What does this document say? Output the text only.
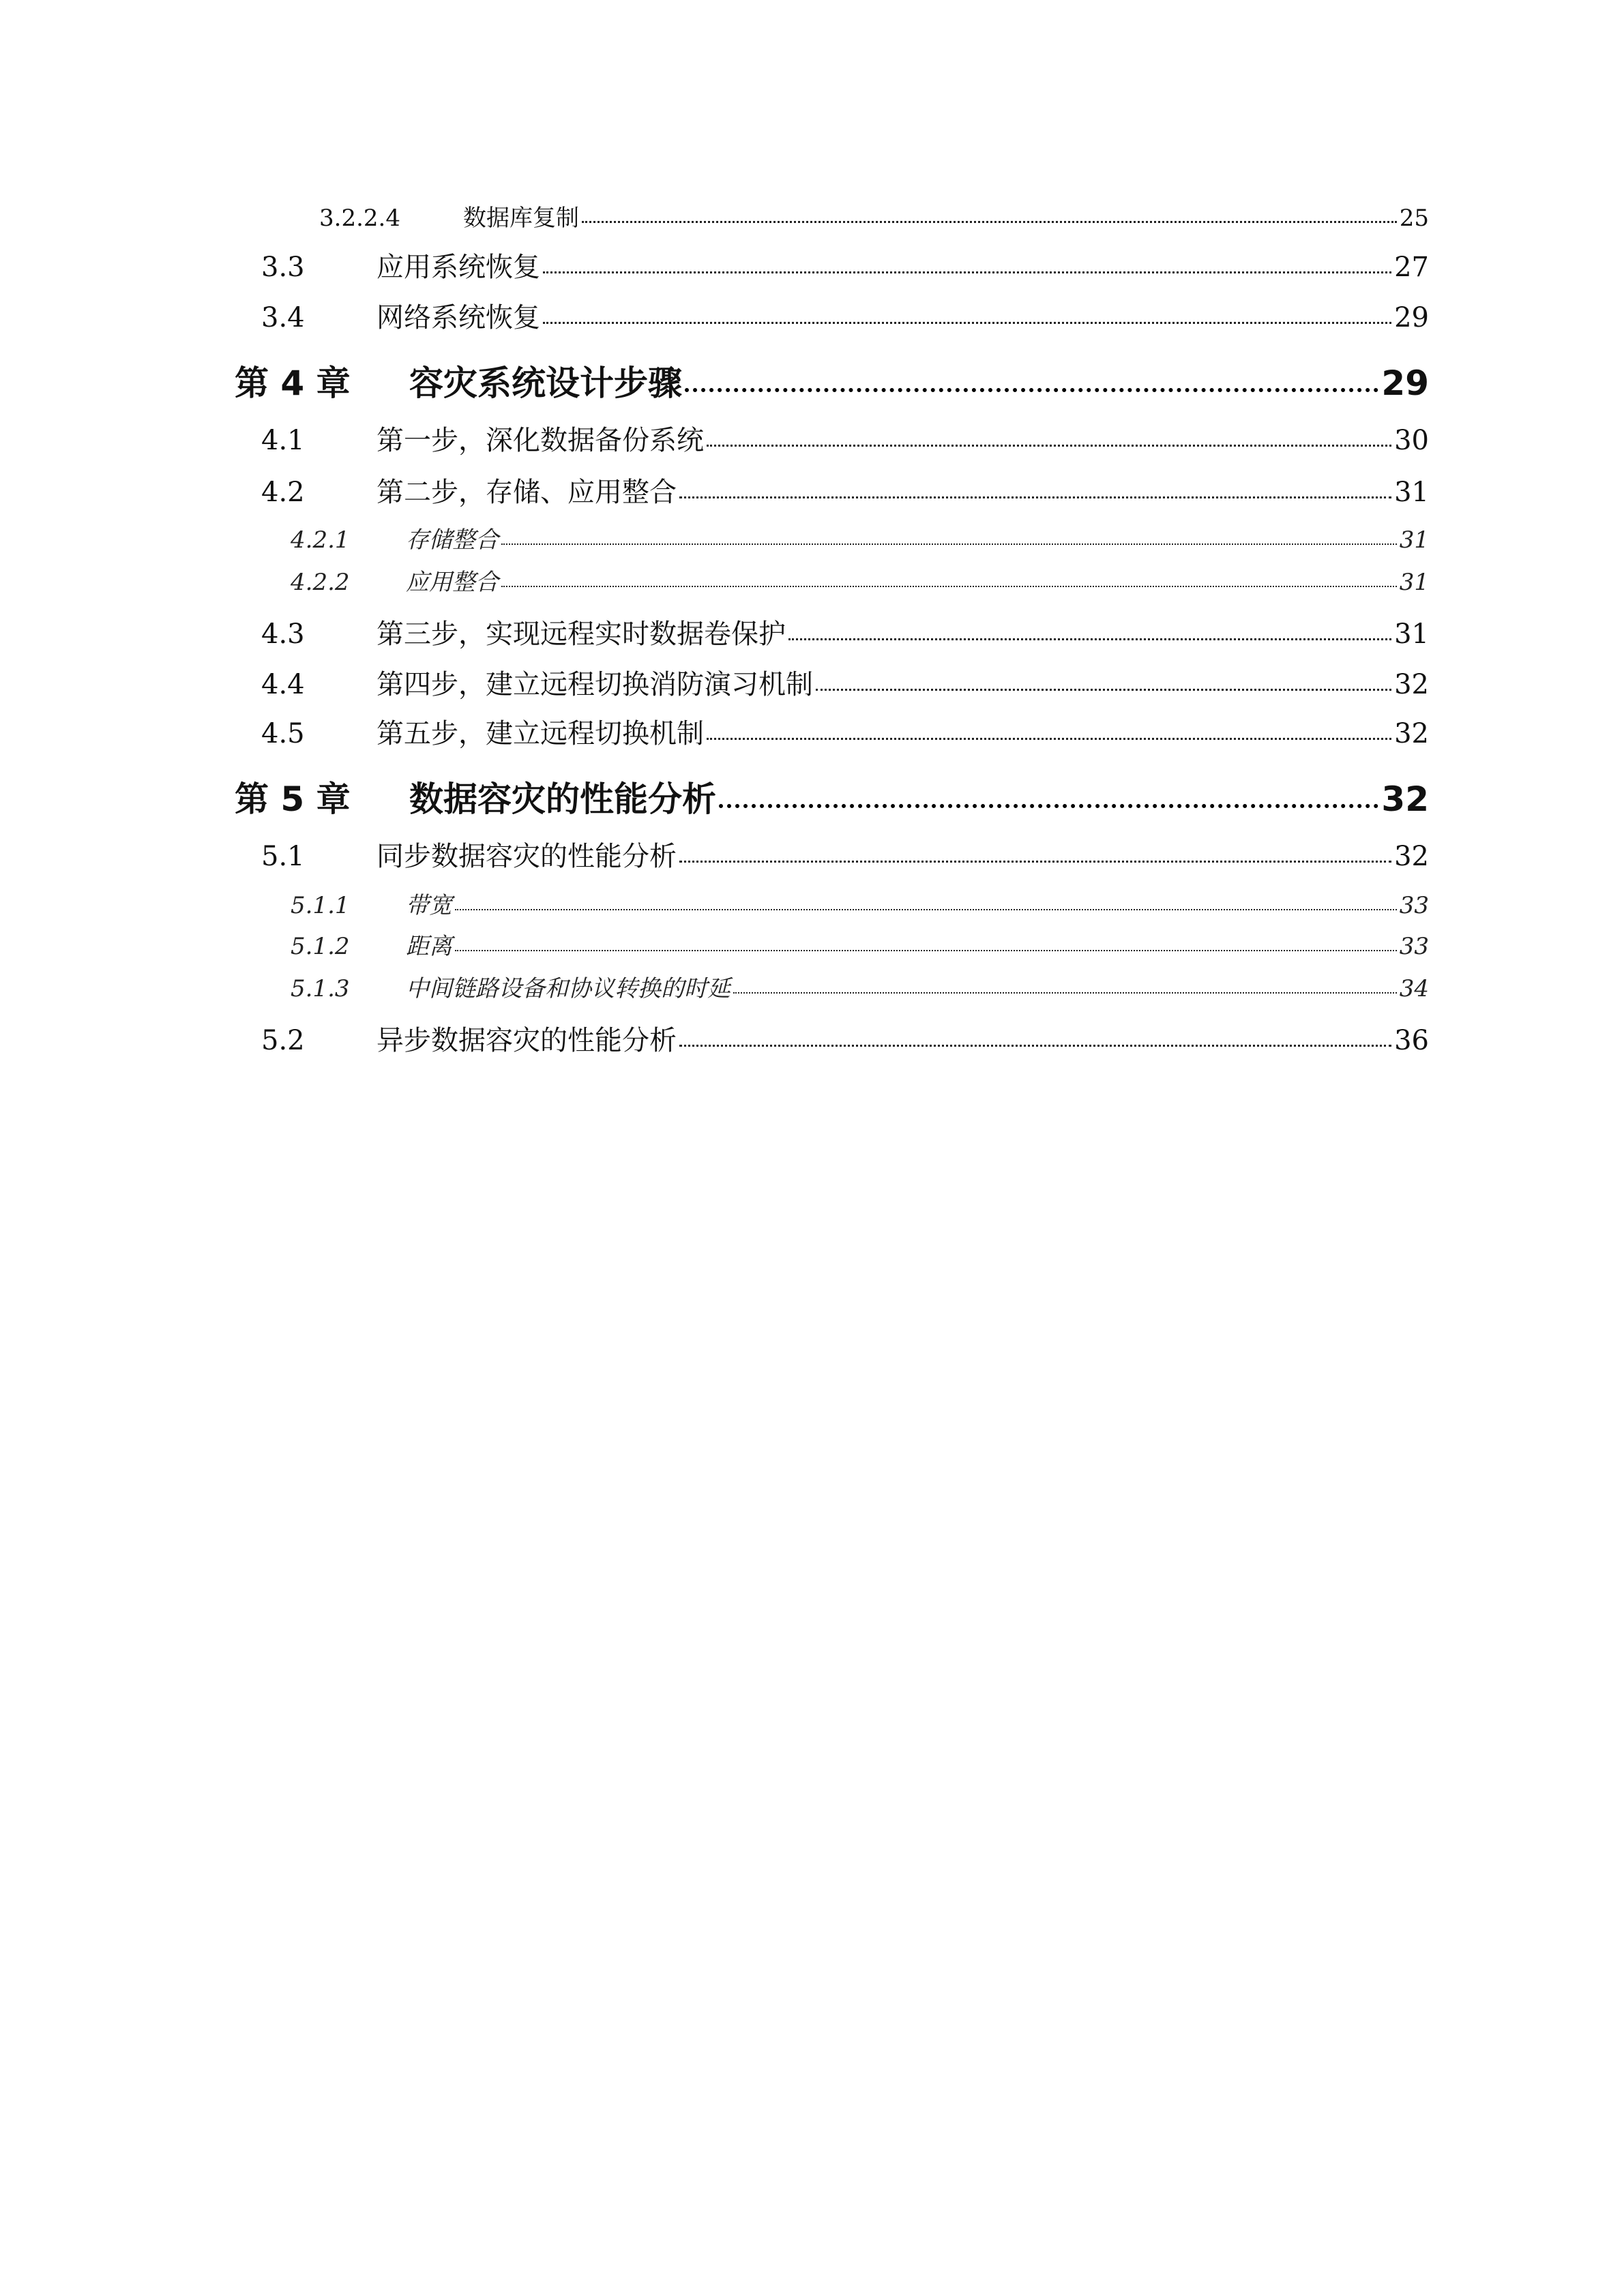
3.2.2.4	数据库复制	25
3.3	应用系统恢复	27
3.4	网络系统恢复	29
第 4 章	容灾系统设计步骤	29
4.1	第一步，深化数据备份系统	30
4.2	第二步，存储、应用整合	31
4.2.1	存储整合	31
4.2.2	应用整合	31
4.3	第三步，实现远程实时数据卷保护	31
4.4	第四步，建立远程切换消防演习机制	32
4.5	第五步，建立远程切换机制	32
第 5 章	数据容灾的性能分析	32
5.1	同步数据容灾的性能分析	32
5.1.1	带宽	33
5.1.2	距离	33
5.1.3	中间链路设备和协议转换的时延	34
5.2	异步数据容灾的性能分析	36
